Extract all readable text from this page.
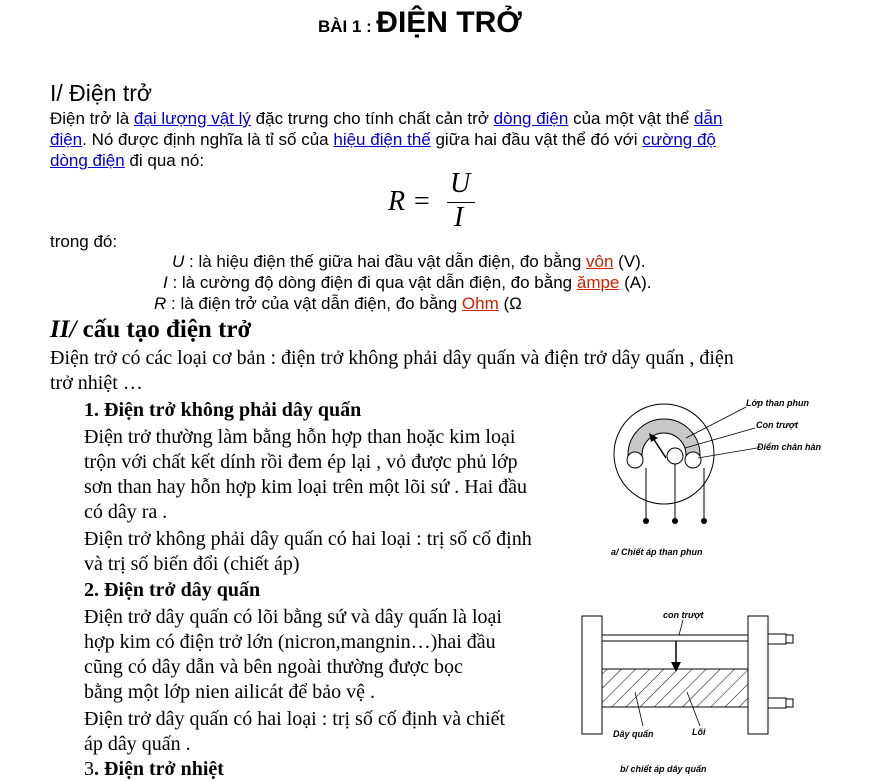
BÀI 1 : ĐIỆN TRỞ
I/ Điện trở
Điện trở là đại lượng vật lý đặc trưng cho tính chất cản trở dòng điện của một vật thể dẫn
điện. Nó được định nghĩa là tỉ số của hiệu điện thế giữa hai đầu vật thể đó với cường độ
dòng điện đi qua nó:
R =
U
I
trong đó:
U : là hiệu điện thế giữa hai đầu vật dẫn điện, đo bằng vôn (V).
I : là cường độ dòng điện đi qua vật dẫn điện, đo bằng ămpe (A).
R : là điện trở của vật dẫn điện, đo bằng Ohm (Ω
II/ cấu tạo điện trở
Điện trở có các loại cơ bản : điện trở không phải dây quấn và điện trở dây quấn , điện
trở nhiệt …
1. Điện trở không phải dây quấn
Điện trở thường làm bằng hỗn hợp than hoặc kim loại
trộn với chất kết dính rồi đem ép lại , vỏ được phủ lớp
sơn than hay hỗn hợp kim loại trên một lõi sứ . Hai đầu
có dây ra .
Điện trở không phải dây quấn có hai loại : trị số cố định
và trị số biến đổi (chiết áp)
2. Điện trở dây quấn
Điện trở dây quấn có lõi bằng sứ và dây quấn là loại
hợp kim có điện trở lớn (nicron,mangnin…)hai đầu
cũng có dây dẫn và bên ngoài thường được bọc
bằng một lớp nien ailicát để bảo vệ .
Điện trở dây quấn có hai loại : trị số cố định và chiết
áp dây quấn .
3. Điện trở nhiệt
Lớp than phun
Con trượt
Điểm chân hàn
a/ Chiết áp than phun
con trượt
Dây quấn	Lõi
b/ chiết áp dây quấn
